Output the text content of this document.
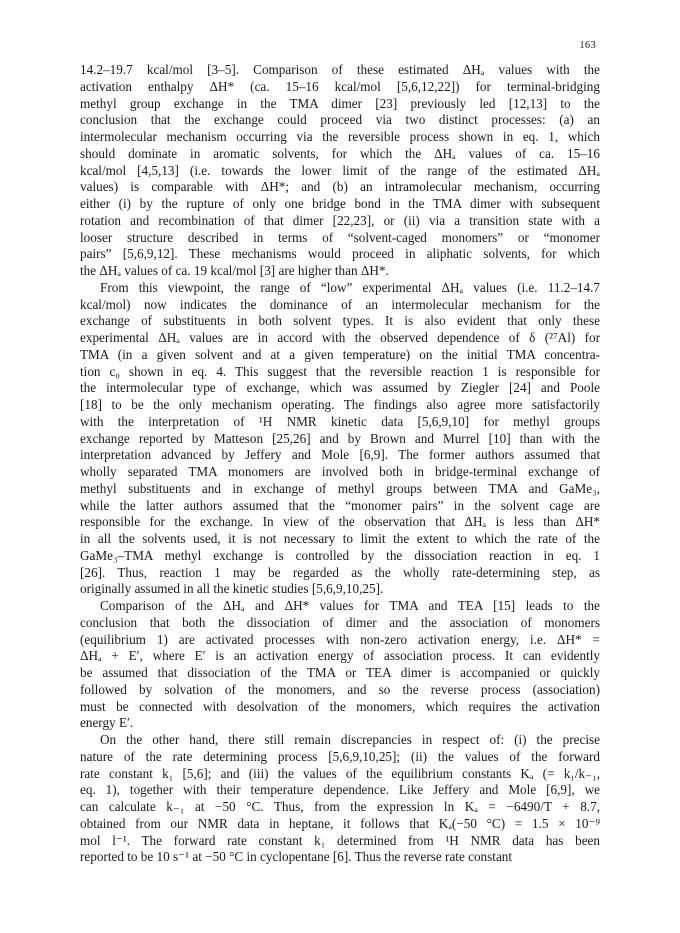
163
14.2–19.7 kcal/mol [3–5]. Comparison of these estimated ΔHₐ values with the
activation enthalpy ΔH* (ca. 15–16 kcal/mol [5,6,12,22]) for terminal-bridging
methyl group exchange in the TMA dimer [23] previously led [12,13] to the
conclusion that the exchange could proceed via two distinct processes: (a) an
intermolecular mechanism occurring via the reversible process shown in eq. 1, which
should dominate in aromatic solvents, for which the ΔHₐ values of ca. 15–16
kcal/mol [4,5,13] (i.e. towards the lower limit of the range of the estimated ΔHₐ
values) is comparable with ΔH*; and (b) an intramolecular mechanism, occurring
either (i) by the rupture of only one bridge bond in the TMA dimer with subsequent
rotation and recombination of that dimer [22,23], or (ii) via a transition state with a
looser structure described in terms of “solvent-caged monomers” or “monomer
pairs” [5,6,9,12]. These mechanisms would proceed in aliphatic solvents, for which
the ΔHₐ values of ca. 19 kcal/mol [3] are higher than ΔH*.
From this viewpoint, the range of “low” experimental ΔHₐ values (i.e. 11.2–14.7
kcal/mol) now indicates the dominance of an intermolecular mechanism for the
exchange of substituents in both solvent types. It is also evident that only these
experimental ΔHₐ values are in accord with the observed dependence of δ (²⁷Al) for
TMA (in a given solvent and at a given temperature) on the initial TMA concentra-
tion c₀ shown in eq. 4. This suggest that the reversible reaction 1 is responsible for
the intermolecular type of exchange, which was assumed by Ziegler [24] and Poole
[18] to be the only mechanism operating. The findings also agree more satisfactorily
with the interpretation of ¹H NMR kinetic data [5,6,9,10] for methyl groups
exchange reported by Matteson [25,26] and by Brown and Murrel [10] than with the
interpretation advanced by Jeffery and Mole [6,9]. The former authors assumed that
wholly separated TMA monomers are involved both in bridge-terminal exchange of
methyl substituents and in exchange of methyl groups between TMA and GaMe₃,
while the latter authors assumed that the “monomer pairs” in the solvent cage are
responsible for the exchange. In view of the observation that ΔHₐ is less than ΔH*
in all the solvents used, it is not necessary to limit the extent to which the rate of the
GaMe₃–TMA methyl exchange is controlled by the dissociation reaction in eq. 1
[26]. Thus, reaction 1 may be regarded as the wholly rate-determining step, as
originally assumed in all the kinetic studies [5,6,9,10,25].
Comparison of the ΔHₐ and ΔH* values for TMA and TEA [15] leads to the
conclusion that both the dissociation of dimer and the association of monomers
(equilibrium 1) are activated processes with non-zero activation energy, i.e. ΔH* =
ΔHₐ + E′, where E′ is an activation energy of association process. It can evidently
be assumed that dissociation of the TMA or TEA dimer is accompanied or quickly
followed by solvation of the monomers, and so the reverse process (association)
must be connected with desolvation of the monomers, which requires the activation
energy E′.
On the other hand, there still remain discrepancies in respect of: (i) the precise
nature of the rate determining process [5,6,9,10,25]; (ii) the values of the forward
rate constant k₁ [5,6]; and (iii) the values of the equilibrium constants Kₐ (= k₁/k₋₁,
eq. 1), together with their temperature dependence. Like Jeffery and Mole [6,9], we
can calculate k₋₁ at −50 °C. Thus, from the expression ln Kₐ = −6490/T + 8.7,
obtained from our NMR data in heptane, it follows that Kₐ(−50 °C) = 1.5 × 10⁻⁹
mol l⁻¹. The forward rate constant k₁ determined from ¹H NMR data has been
reported to be 10 s⁻¹ at −50 °C in cyclopentane [6]. Thus the reverse rate constant
